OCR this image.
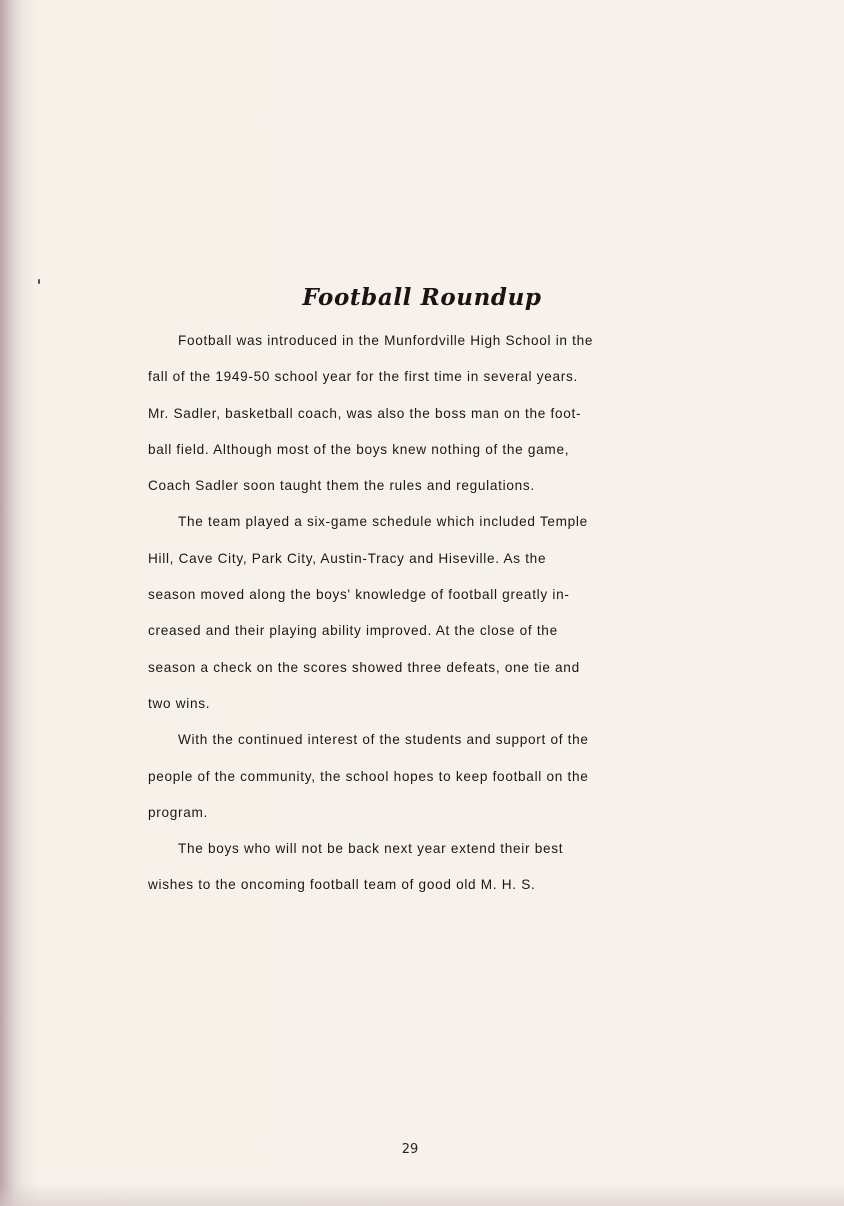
Football Roundup

Football was introduced in the Munfordville High School in the
fall of the 1949-50 school year for the first time in several years.
Mr. Sadler, basketball coach, was also the boss man on the foot-
ball field. Although most of the boys knew nothing of the game,
Coach Sadler soon taught them the rules and regulations.

The team played a six-game schedule which included Temple
Hill, Cave City, Park City, Austin-Tracy and Hiseville. As the
season moved along the boys' knowledge of football greatly in-
creased and their playing ability improved. At the close of the
season a check on the scores showed three defeats, one tie and
two wins.

With the continued interest of the students and support of the
people of the community, the school hopes to keep football on the
program.

The boys who will not be back next year extend their best
wishes to the oncoming football team of good old M. H. S.

29
